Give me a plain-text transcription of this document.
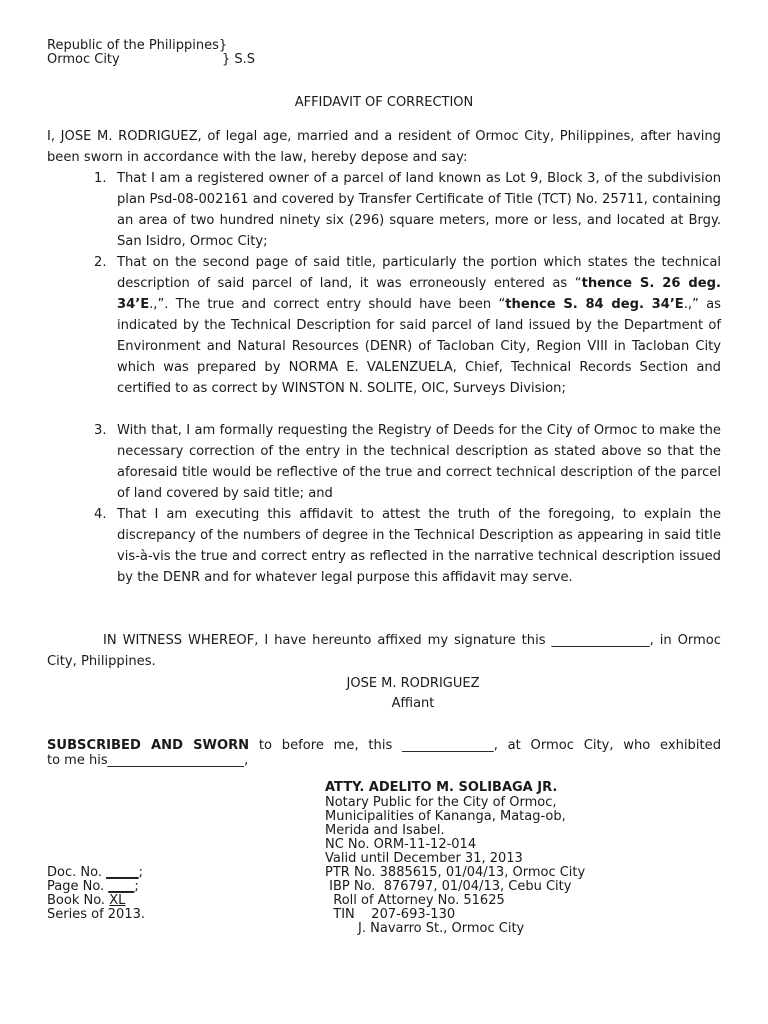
Republic of the Philippines}
Ormoc City	} S.S
AFFIDAVIT OF CORRECTION

I, JOSE M. RODRIGUEZ, of legal age, married and a resident of Ormoc City, Philippines, after having been sworn in accordance with the law, hereby depose and say:

1. That I am a registered owner of a parcel of land known as Lot 9, Block 3, of the subdivision plan Psd-08-002161 and covered by Transfer Certificate of Title (TCT) No. 25711, containing an area of two hundred ninety six (296) square meters, more or less, and located at Brgy. San Isidro, Ormoc City;

2. That on the second page of said title, particularly the portion which states the technical description of said parcel of land, it was erroneously entered as “thence S. 26 deg. 34’E.,”. The true and correct entry should have been “thence S. 84 deg. 34’E.,” as indicated by the Technical Description for said parcel of land issued by the Department of Environment and Natural Resources (DENR) of Tacloban City, Region VIII in Tacloban City which was prepared by NORMA E. VALENZUELA, Chief, Technical Records Section and certified to as correct by WINSTON N. SOLITE, OIC, Surveys Division;

3. With that, I am formally requesting the Registry of Deeds for the City of Ormoc to make the necessary correction of the entry in the technical description as stated above so that the aforesaid title would be reflective of the true and correct technical description of the parcel of land covered by said title; and

4. That I am executing this affidavit to attest the truth of the foregoing, to explain the discrepancy of the numbers of degree in the Technical Description as appearing in said title vis-à-vis the true and correct entry as reflected in the narrative technical description issued by the DENR and for whatever legal purpose this affidavit may serve.

IN WITNESS WHEREOF, I have hereunto affixed my signature this _______________, in Ormoc City, Philippines.

JOSE M. RODRIGUEZ
Affiant

SUBSCRIBED AND SWORN to before me, this ______________, at Ormoc City, who exhibited

to me his_____________________,
ATTY. ADELITO M. SOLIBAGA JR.
Notary Public for the City of Ormoc,
Municipalities of Kananga, Matag-ob,
Merida and Isabel.
NC No. ORM-11-12-014
Valid until December 31, 2013
PTR No. 3885615, 01/04/13, Ormoc City
IBP No.  876797, 01/04/13, Cebu City
Roll of Attorney No. 51625
TIN    207-693-130
J. Navarro St., Ormoc City
Doc. No. _____;
Page No. ____;
Book No. XL
Series of 2013.
